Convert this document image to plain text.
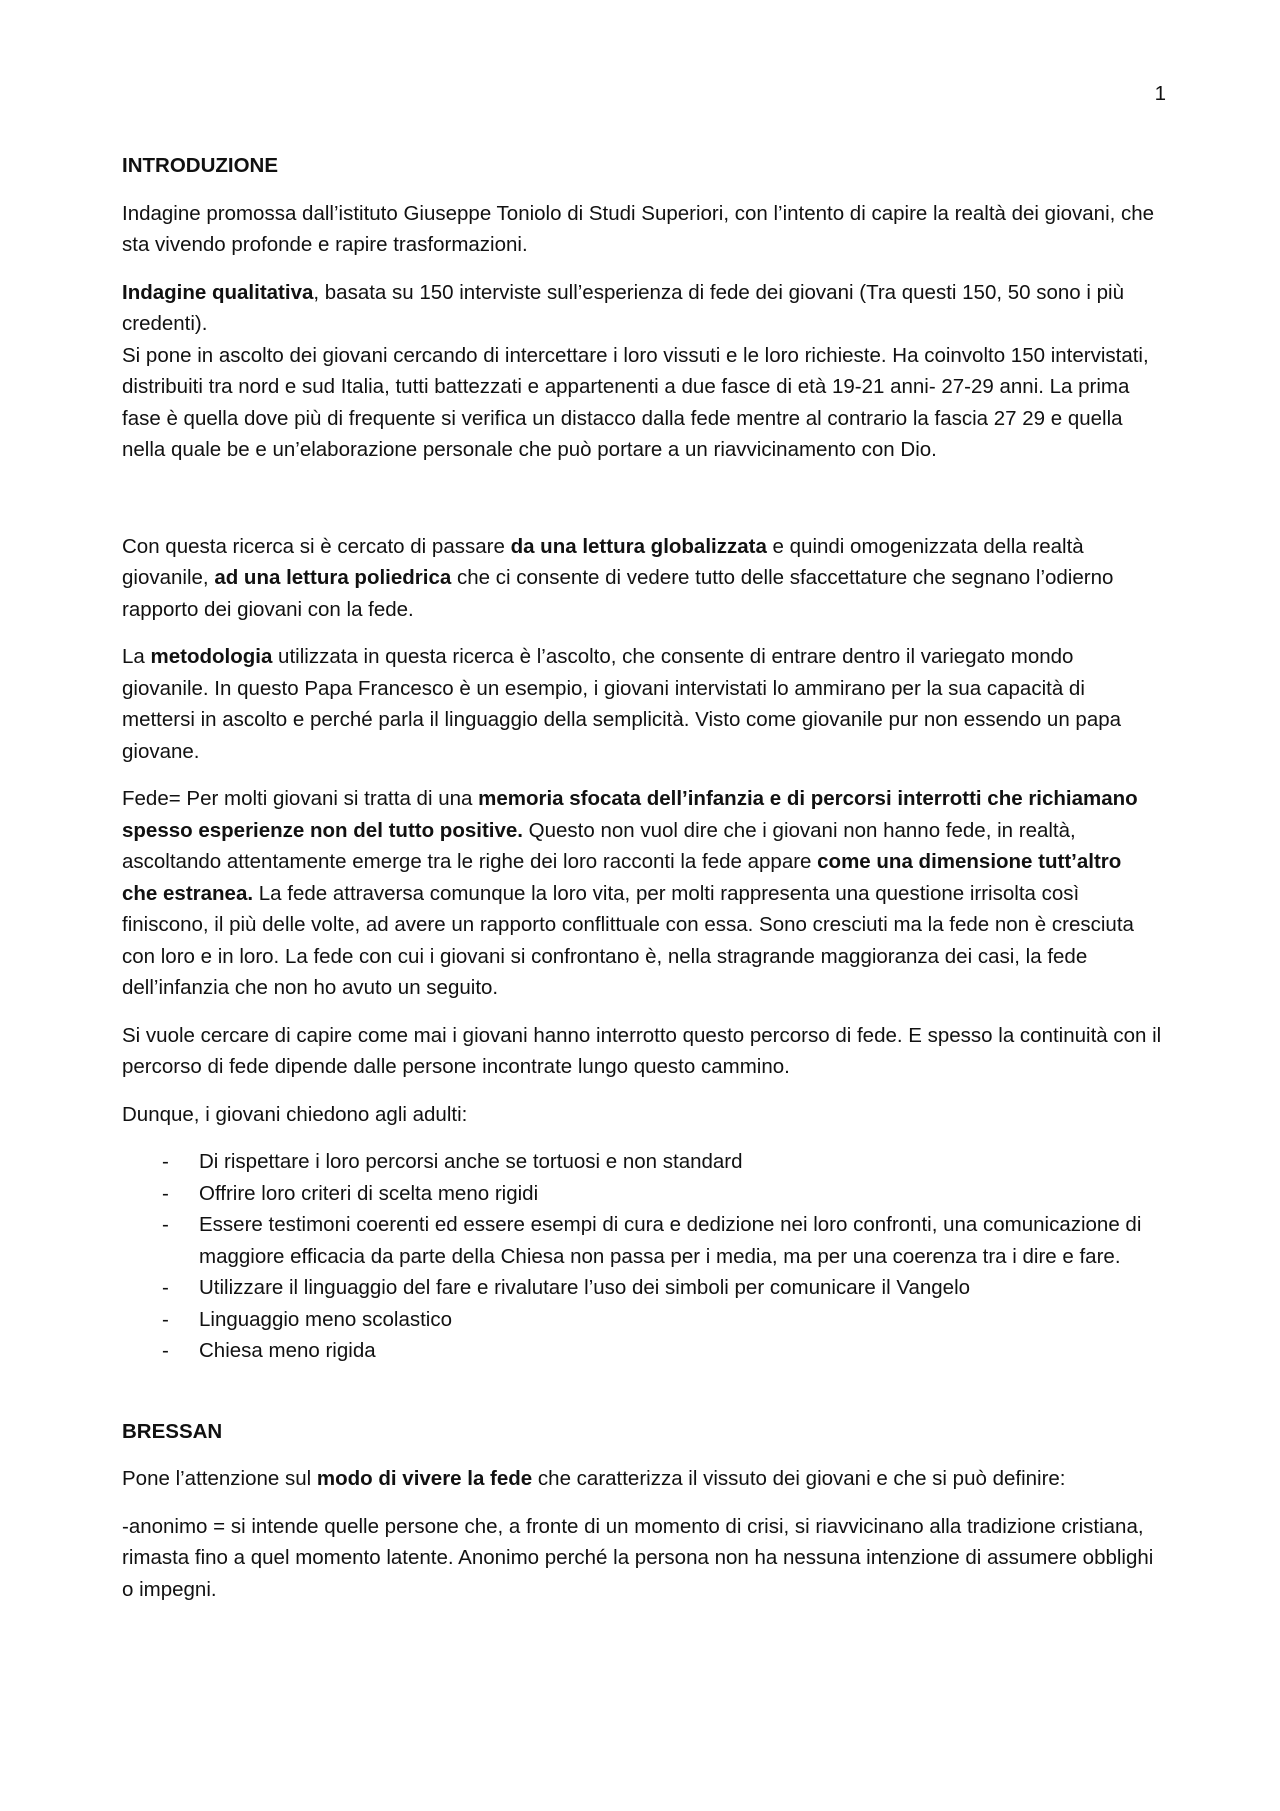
1
INTRODUZIONE

Indagine promossa dall’istituto Giuseppe Toniolo di Studi Superiori, con l’intento di capire la realtà dei giovani, che sta vivendo profonde e rapire trasformazioni.

Indagine qualitativa, basata su 150 interviste sull’esperienza di fede dei giovani (Tra questi 150, 50 sono i più credenti).

Si pone in ascolto dei giovani cercando di intercettare i loro vissuti e le loro richieste. Ha coinvolto 150 intervistati, distribuiti tra nord e sud Italia, tutti battezzati e appartenenti a due fasce di età 19-21 anni- 27-29 anni. La prima fase è quella dove più di frequente si verifica un distacco dalla fede mentre al contrario la fascia 27 29 e quella nella quale be e un’elaborazione personale che può portare a un riavvicinamento con Dio.

Con questa ricerca si è cercato di passare da una lettura globalizzata e quindi omogenizzata della realtà giovanile, ad una lettura poliedrica che ci consente di vedere tutto delle sfaccettature che segnano l’odierno rapporto dei giovani con la fede.

La metodologia utilizzata in questa ricerca è l’ascolto, che consente di entrare dentro il variegato mondo giovanile. In questo Papa Francesco è un esempio, i giovani intervistati lo ammirano per la sua capacità di mettersi in ascolto e perché parla il linguaggio della semplicità. Visto come giovanile pur non essendo un papa giovane.

Fede= Per molti giovani si tratta di una memoria sfocata dell’infanzia e di percorsi interrotti che richiamano spesso esperienze non del tutto positive. Questo non vuol dire che i giovani non hanno fede, in realtà, ascoltando attentamente emerge tra le righe dei loro racconti la fede appare come una dimensione tutt’altro che estranea. La fede attraversa comunque la loro vita, per molti rappresenta una questione irrisolta così finiscono, il più delle volte, ad avere un rapporto conflittuale con essa. Sono cresciuti ma la fede non è cresciuta con loro e in loro. La fede con cui i giovani si confrontano è, nella stragrande maggioranza dei casi, la fede dell’infanzia che non ho avuto un seguito.

Si vuole cercare di capire come mai i giovani hanno interrotto questo percorso di fede. E spesso la continuità con il percorso di fede dipende dalle persone incontrate lungo questo cammino.

Dunque, i giovani chiedono agli adulti:

- Di rispettare i loro percorsi anche se tortuosi e non standard
- Offrire loro criteri di scelta meno rigidi
- Essere testimoni coerenti ed essere esempi di cura e dedizione nei loro confronti, una comunicazione di maggiore efficacia da parte della Chiesa non passa per i media, ma per una coerenza tra i dire e fare.
- Utilizzare il linguaggio del fare e rivalutare l’uso dei simboli per comunicare il Vangelo
- Linguaggio meno scolastico
- Chiesa meno rigida
BRESSAN

Pone l’attenzione sul modo di vivere la fede che caratterizza il vissuto dei giovani e che si può definire:

-anonimo = si intende quelle persone che, a fronte di un momento di crisi, si riavvicinano alla tradizione cristiana, rimasta fino a quel momento latente. Anonimo perché la persona non ha nessuna intenzione di assumere obblighi o impegni.
